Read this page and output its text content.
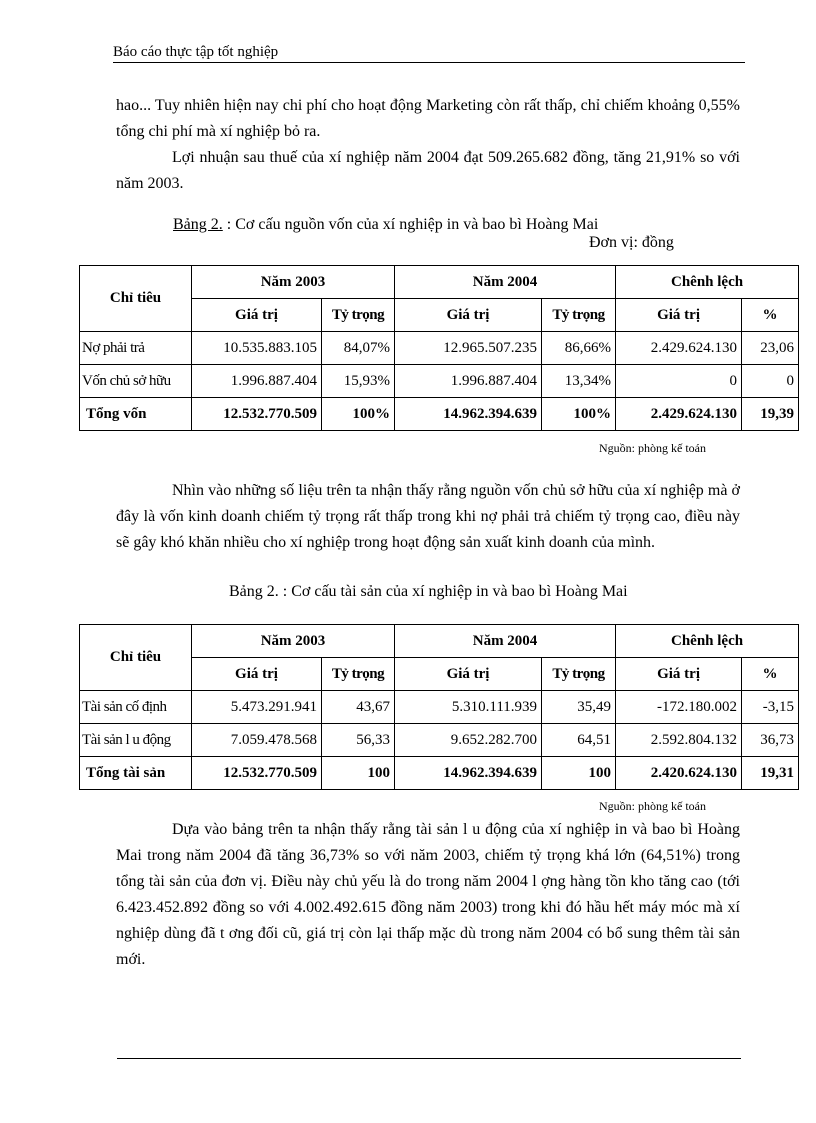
Báo cáo thực tập tốt nghiệp

hao... Tuy nhiên hiện nay chi phí cho hoạt động Marketing còn rất thấp, chỉ chiếm khoảng 0,55% tổng chi phí mà xí nghiệp bỏ ra.

Lợi nhuận sau thuế của xí nghiệp năm 2004 đạt 509.265.682 đồng, tăng 21,91% so với năm 2003.

Bảng 2. : Cơ cấu nguồn vốn của xí nghiệp in và bao bì Hoàng Mai

Đơn vị: đồng

Chỉ tiêu	Năm 2003		Năm 2004		Chênh lệch	
	Giá trị	Tỷ trọng	Giá trị	Tỷ trọng	Giá trị	%
Nợ phải trả	10.535.883.105	84,07%	12.965.507.235	86,66%	2.429.624.130	23,06
Vốn chủ sở hữu	1.996.887.404	15,93%	1.996.887.404	13,34%	0	0
Tổng vốn	12.532.770.509	100%	14.962.394.639	100%	2.429.624.130	19,39
Nguồn: phòng kế toán

Nhìn vào những số liệu trên ta nhận thấy rằng nguồn vốn chủ sở hữu của xí nghiệp mà ở đây là vốn kinh doanh chiếm tỷ trọng rất thấp trong khi nợ phải trả chiếm tỷ trọng cao, điều này sẽ gây khó khăn nhiều cho xí nghiệp trong hoạt động sản xuất kinh doanh của mình.

Bảng 2. : Cơ cấu tài sản của xí nghiệp in và bao bì Hoàng Mai

Chỉ tiêu	Năm 2003		Năm 2004		Chênh lệch	
	Giá trị	Tỷ trọng	Giá trị	Tỷ trọng	Giá trị	%
Tài sản cố định	5.473.291.941	43,67	5.310.111.939	35,49	-172.180.002	-3,15
Tài sản l u động	7.059.478.568	56,33	9.652.282.700	64,51	2.592.804.132	36,73
Tổng tài sản	12.532.770.509	100	14.962.394.639	100	2.420.624.130	19,31
Nguồn: phòng kế toán

Dựa vào bảng trên ta nhận thấy rằng tài sản l u động của xí nghiệp in và bao bì Hoàng Mai trong năm 2004 đã tăng 36,73% so với năm 2003, chiếm tỷ trọng khá lớn (64,51%) trong tổng tài sản của đơn vị. Điều này chủ yếu là do trong năm 2004 l ợng hàng tồn kho tăng cao (tới 6.423.452.892 đồng so với 4.002.492.615 đồng năm 2003) trong khi đó hầu hết máy móc mà xí nghiệp dùng đã t ơng đối cũ, giá trị còn lại thấp mặc dù trong năm 2004 có bổ sung thêm tài sản mới.
